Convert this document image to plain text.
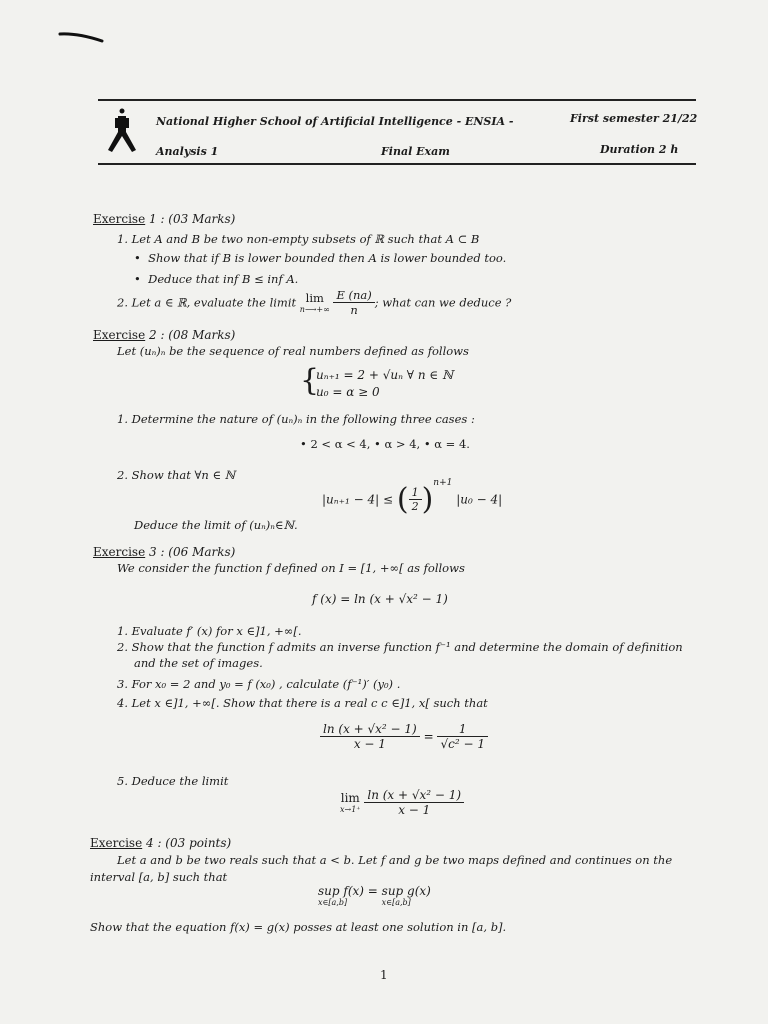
National Higher School of Artificial Intelligence - ENSIA -	First semester 21/22
Analysis 1	Final Exam	Duration 2 h
Exercise 1 : (03 Marks)
1. Let A and B be two non-empty subsets of ℝ such that A ⊂ B
•  Show that if B is lower bounded then A is lower bounded too.
•  Deduce that inf B ≤ inf A.
2. Let a ∈ ℝ, evaluate the limit lim
n⟶+∞
$\frac{E (na)}{n}$ ; what can we deduce ?
Exercise 2 : (08 Marks)
Let (uₙ)ₙ be the sequence of real numbers defined as follows
{
uₙ₊₁ = 2 + √uₙ ∀ n ∈ ℕ
u₀ = α ≥ 0
1. Determine the nature of (uₙ)ₙ in the following three cases :
• 2 < α < 4, • α > 4, • α = 4.
2. Show that ∀n ∈ ℕ
|uₙ₊₁ − 4| ≤ ( $\frac{1}{2} )^{n+1}$ |u₀ − 4|
Deduce the limit of (uₙ)ₙ∈ℕ.
Exercise 3 : (06 Marks)
We consider the function f defined on I = [1, +∞[ as follows
f (x) = ln (x + √x² − 1)
1. Evaluate f′ (x) for x ∈]1, +∞[.
2. Show that the function f admits an inverse function f⁻¹ and determine the domain of definition
and the set of images.
3. For x₀ = 2 and y₀ = f (x₀) , calculate (f⁻¹)′ (y₀) .
4. Let x ∈]1, +∞[. Show that there is a real c c ∈]1, x[ such that
$\frac{\text{ln (x + √x² − 1)}}{x - 1} = \frac{1}{\text{√c² − 1}}$
5. Deduce the limit
lim
x→1⁺
$\frac{\text{ln (x + √x² − 1)}}{x - 1}$
Exercise 4 : (03 points)
Let a and b be two reals such that a < b. Let f and g be two maps defined and continues on the
interval [a, b] such that
sup f(x) =
x∈[a,b]
sup g(x)
x∈[a,b]
Show that the equation f(x) = g(x) posses at least one solution in [a, b].
1
